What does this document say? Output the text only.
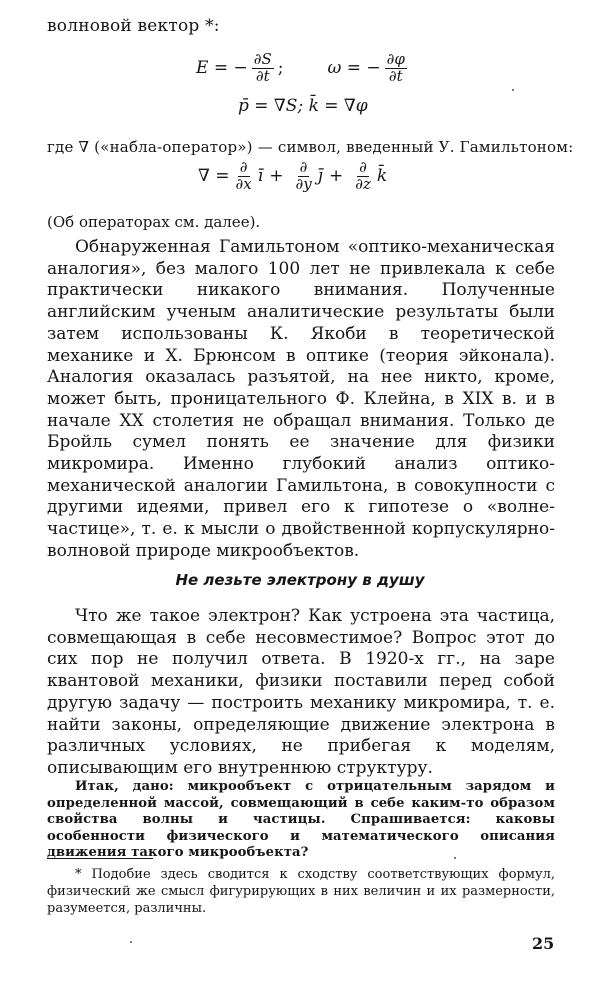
волновой вектор *:
E = − $\frac{\partial S}{\partial t}$ ;	ω = − $\frac{\partial\varphi}{\partial t}$
p̄ = ∇S; k̄ = ∇φ
где ∇ («набла-оператор») — символ, введенный У. Гамильтоном:
∇ = $\frac{\partial}{\partial x}$ ī + $\frac{\partial}{\partial y}$ j̄ + $\frac{\partial}{\partial z}$ k̄
(Об операторах см. далее).

Обнаруженная Гамильтоном «оптико-механическая аналогия», без малого 100 лет не привлекала к себе практически никакого внимания. Полученные английским ученым аналитические результаты были затем использованы К. Якоби в теоретической механике и Х. Брюнсом в оптике (теория эйконала). Аналогия оказалась разъятой, на нее никто, кроме, может быть, проницательного Ф. Клейна, в XIX в. и в начале XX столетия не обращал внимания. Только де Бройль сумел понять ее значение для физики микромира. Именно глубокий анализ оптико-механической аналогии Гамильтона, в совокупности с другими идеями, привел его к гипотезе о «волне-частице», т. е. к мысли о двойственной корпускулярно-волновой природе микрообъектов.

Не лезьте электрону в душу

Что же такое электрон? Как устроена эта частица, совмещающая в себе несовместимое? Вопрос этот до сих пор не получил ответа. В 1920-х гг., на заре квантовой механики, физики поставили перед собой другую задачу — построить механику микромира, т. е. найти законы, определяющие движение электрона в различных условиях, не прибегая к моделям, описывающим его внутреннюю структуру.

Итак, дано: микрообъект с отрицательным зарядом и определенной массой, совмещающий в себе каким-то образом свойства волны и частицы. Спрашивается: каковы особенности физического и математического описания движения такого микрообъекта?

* Подобие здесь сводится к сходству соответствующих формул, физический же смысл фигурирующих в них величин и их размерности, разумеется, различны.

25
